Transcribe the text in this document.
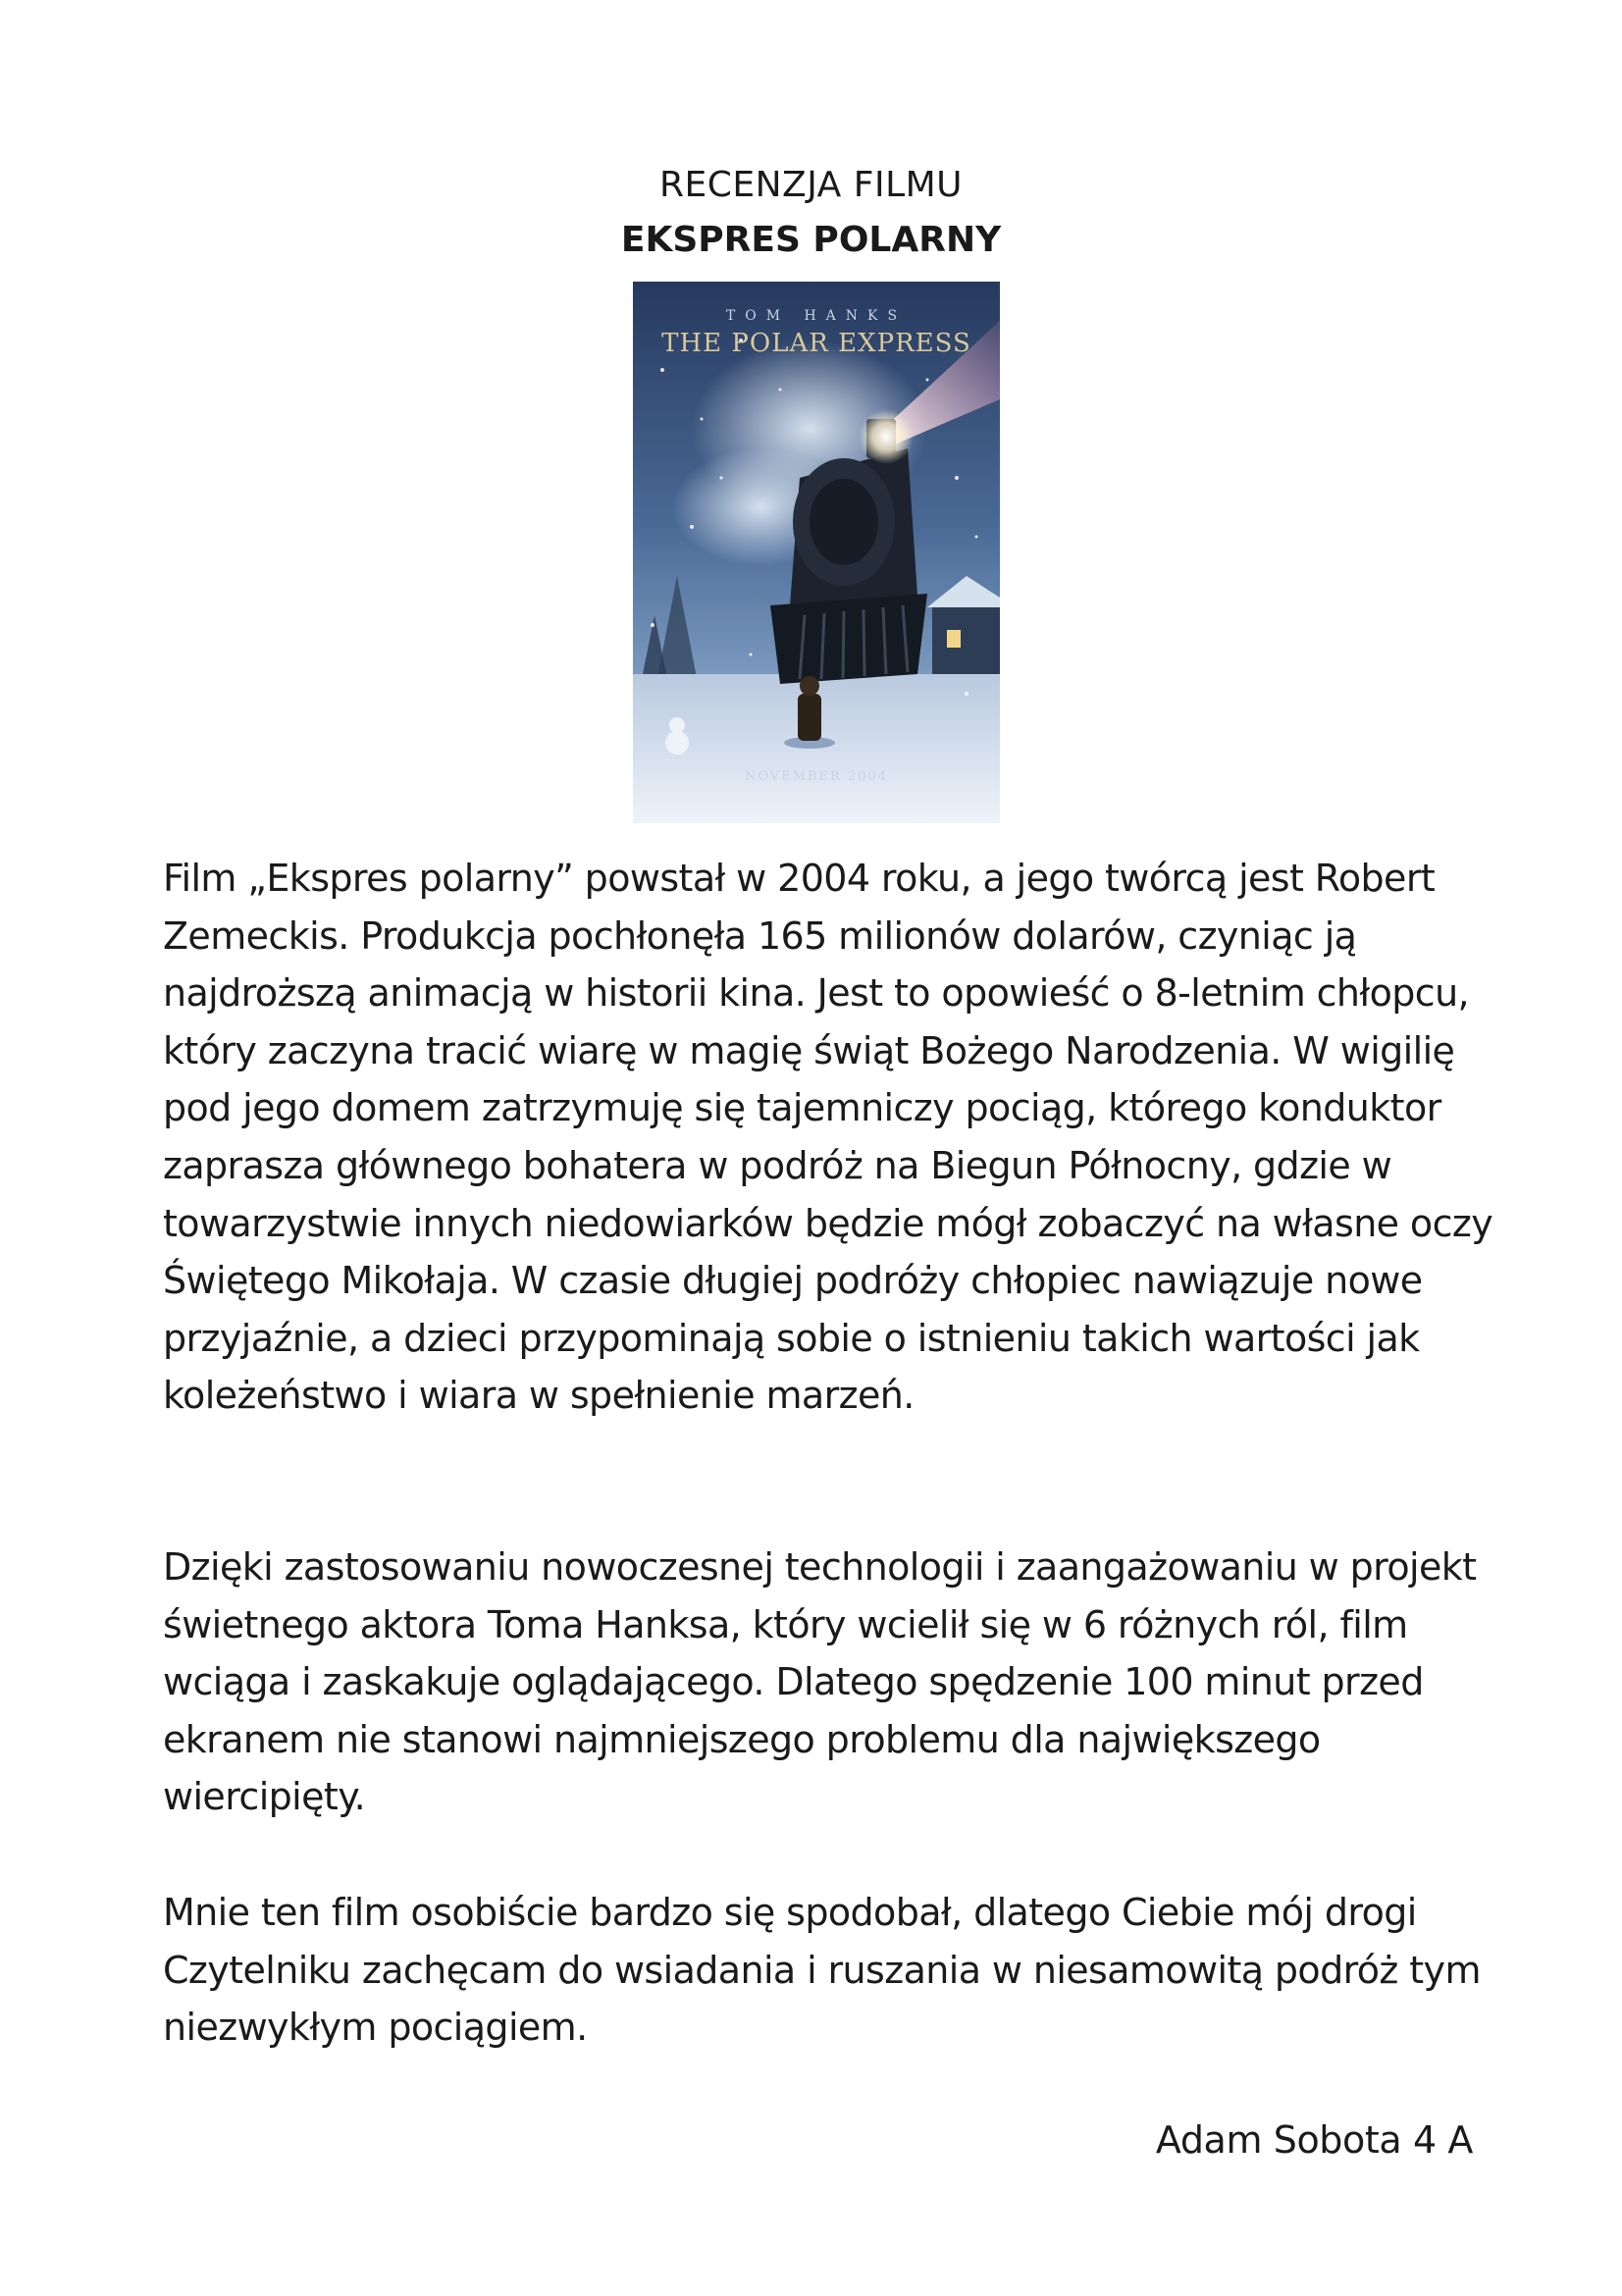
RECENZJA FILMU
EKSPRES POLARNY
TOM HANKS
THE POLAR EXPRESS
NOVEMBER 2004

Film „Ekspres polarny” powstał w 2004 roku, a jego twórcą jest Robert Zemeckis. Produkcja pochłonęła 165 milionów dolarów, czyniąc ją najdroższą animacją w historii kina. Jest to opowieść o 8-letnim chłopcu, który zaczyna tracić wiarę w magię świąt Bożego Narodzenia. W wigilię pod jego domem zatrzymuję się tajemniczy pociąg, którego konduktor zaprasza głównego bohatera w podróż na Biegun Północny, gdzie w towarzystwie innych niedowiarków będzie mógł zobaczyć na własne oczy Świętego Mikołaja. W czasie długiej podróży chłopiec nawiązuje nowe przyjaźnie, a dzieci przypominają sobie o istnieniu takich wartości jak koleżeństwo i wiara w spełnienie marzeń.

Dzięki zastosowaniu nowoczesnej technologii i zaangażowaniu w projekt świetnego aktora Toma Hanksa, który wcielił się w 6 różnych ról, film wciąga i zaskakuje oglądającego. Dlatego spędzenie 100 minut przed ekranem nie stanowi najmniejszego problemu dla największego wiercipięty.

Mnie ten film osobiście bardzo się spodobał, dlatego Ciebie mój drogi Czytelniku zachęcam do wsiadania i ruszania w niesamowitą podróż tym niezwykłym pociągiem.

Adam Sobota 4 A
